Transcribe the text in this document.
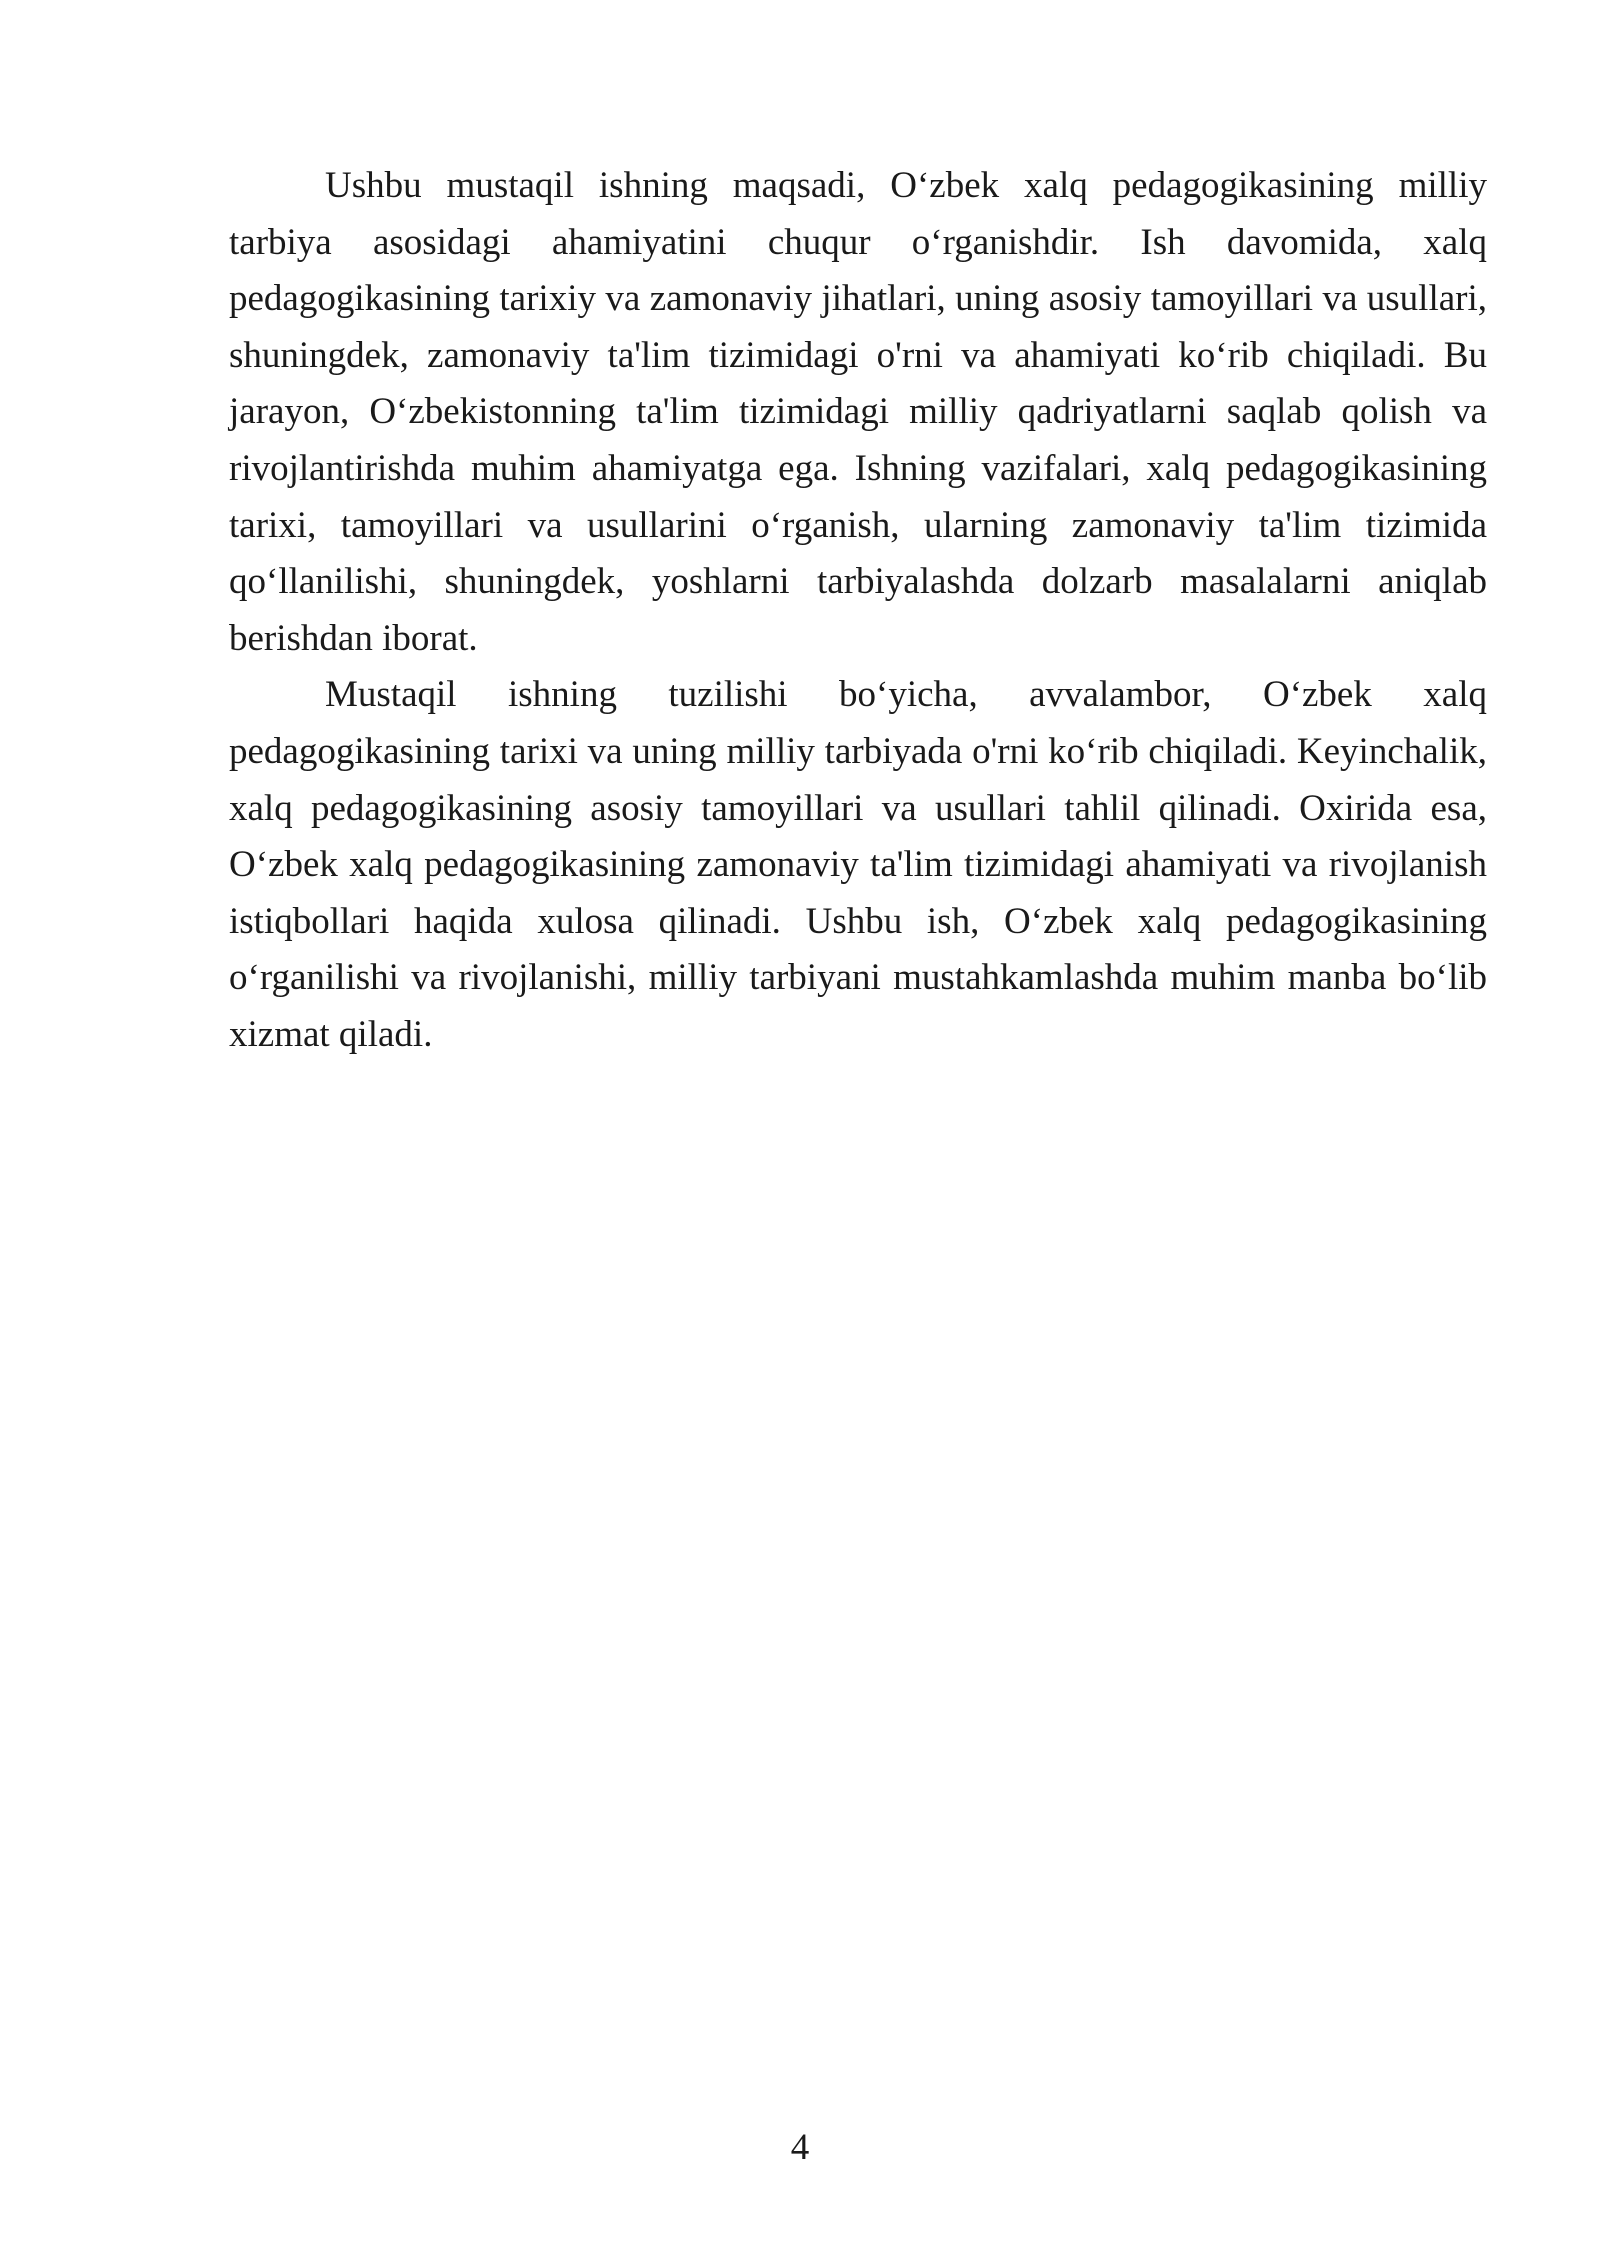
Ushbu mustaqil ishning maqsadi, O‘zbek xalq pedagogikasining milliy tarbiya asosidagi ahamiyatini chuqur o‘rganishdir. Ish davomida, xalq pedagogikasining tarixiy va zamonaviy jihatlari, uning asosiy tamoyillari va usullari, shuningdek, zamonaviy ta'lim tizimidagi o'rni va ahamiyati ko‘rib chiqiladi. Bu jarayon, O‘zbekistonning ta'lim tizimidagi milliy qadriyatlarni saqlab qolish va rivojlantirishda muhim ahamiyatga ega. Ishning vazifalari, xalq pedagogikasining tarixi, tamoyillari va usullarini o‘rganish, ularning zamonaviy ta'lim tizimida qo‘llanilishi, shuningdek, yoshlarni tarbiyalashda dolzarb masalalarni aniqlab berishdan iborat.

Mustaqil ishning tuzilishi bo‘yicha, avvalambor, O‘zbek xalq pedagogikasining tarixi va uning milliy tarbiyada o'rni ko‘rib chiqiladi. Keyinchalik, xalq pedagogikasining asosiy tamoyillari va usullari tahlil qilinadi. Oxirida esa, O‘zbek xalq pedagogikasining zamonaviy ta'lim tizimidagi ahamiyati va rivojlanish istiqbollari haqida xulosa qilinadi. Ushbu ish, O‘zbek xalq pedagogikasining o‘rganilishi va rivojlanishi, milliy tarbiyani mustahkamlashda muhim manba bo‘lib xizmat qiladi.

4
